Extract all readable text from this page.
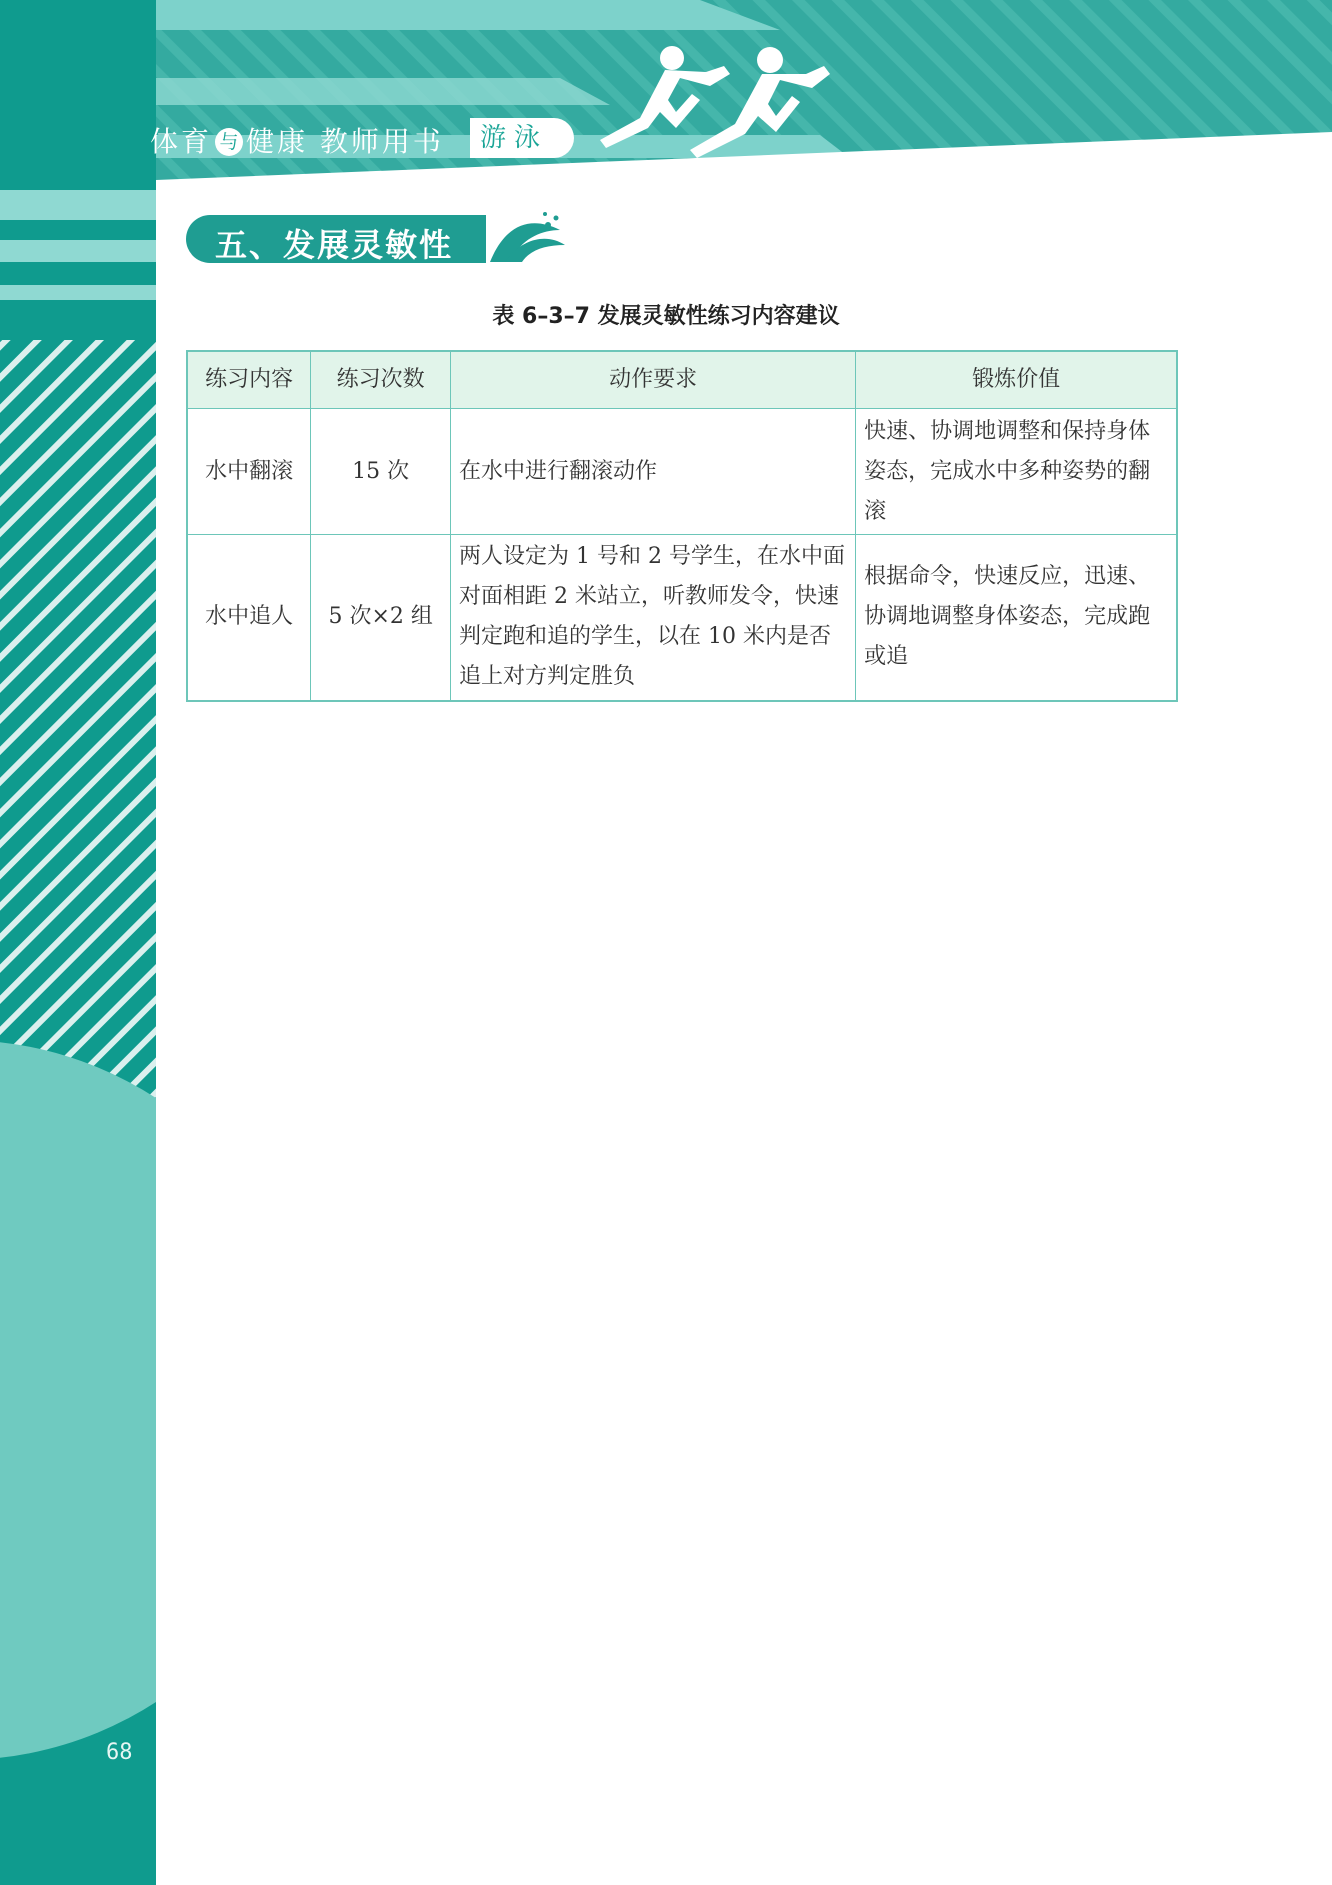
体育 与 健康 教师用书	游泳
五、发展灵敏性
表 6–3–7 发展灵敏性练习内容建议
练习内容	练习次数	动作要求	锻炼价值
水中翻滚	15 次	在水中进行翻滚动作	快速、协调地调整和保持身体姿态，完成水中多种姿势的翻滚
水中追人	5 次×2 组	两人设定为 1 号和 2 号学生，在水中面对面相距 2 米站立，听教师发令，快速判定跑和追的学生，以在 10 米内是否追上对方判定胜负	根据命令，快速反应，迅速、协调地调整身体姿态，完成跑或追
68
